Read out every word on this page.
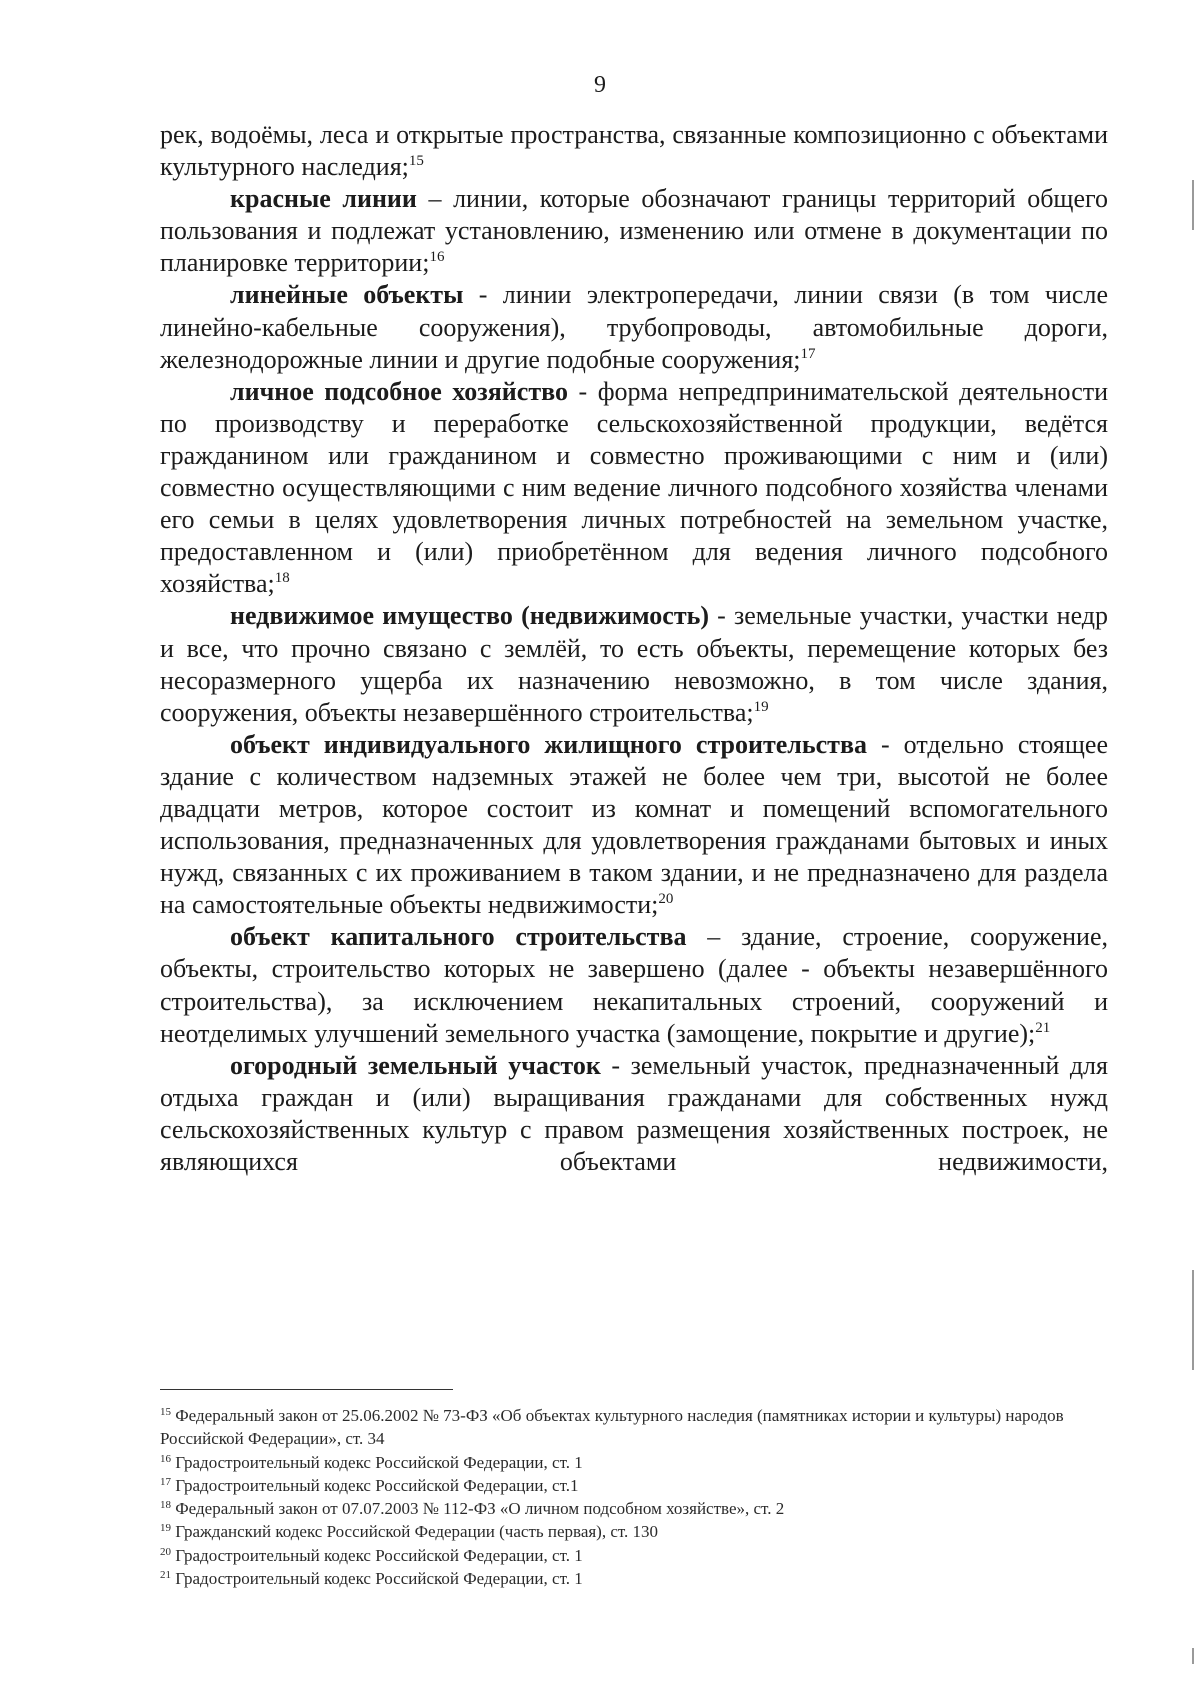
9

рек, водоёмы, леса и открытые пространства, связанные композиционно с объектами культурного наследия;$^{15}$

красные линии – линии, которые обозначают границы территорий общего пользования и подлежат установлению, изменению или отмене в документации по планировке территории;$^{16}$

линейные объекты - линии электропередачи, линии связи (в том числе линейно-кабельные сооружения), трубопроводы, автомобильные дороги, железнодорожные линии и другие подобные сооружения;$^{17}$

личное подсобное хозяйство - форма непредпринимательской деятельности по производству и переработке сельскохозяйственной продукции, ведётся гражданином или гражданином и совместно проживающими с ним и (или) совместно осуществляющими с ним ведение личного подсобного хозяйства членами его семьи в целях удовлетворения личных потребностей на земельном участке, предоставленном и (или) приобретённом для ведения личного подсобного хозяйства;$^{18}$

недвижимое имущество (недвижимость) - земельные участки, участки недр и все, что прочно связано с землёй, то есть объекты, перемещение которых без несоразмерного ущерба их назначению невозможно, в том числе здания, сооружения, объекты незавершённого строительства;$^{19}$

объект индивидуального жилищного строительства - отдельно стоящее здание с количеством надземных этажей не более чем три, высотой не более двадцати метров, которое состоит из комнат и помещений вспомогательного использования, предназначенных для удовлетворения гражданами бытовых и иных нужд, связанных с их проживанием в таком здании, и не предназначено для раздела на самостоятельные объекты недвижимости;$^{20}$

объект капитального строительства – здание, строение, сооружение, объекты, строительство которых не завершено (далее - объекты незавершённого строительства), за исключением некапитальных строений, сооружений и неотделимых улучшений земельного участка (замощение, покрытие и другие);$^{21}$

огородный земельный участок - земельный участок, предназначенный для отдыха граждан и (или) выращивания гражданами для собственных нужд сельскохозяйственных культур с правом размещения хозяйственных построек, не являющихся объектами недвижимости,

$^{15}$ Федеральный закон от 25.06.2002 № 73-ФЗ «Об объектах культурного наследия (памятниках истории и культуры) народов Российской Федерации», ст. 34

$^{16}$ Градостроительный кодекс Российской Федерации, ст. 1

$^{17}$ Градостроительный кодекс Российской Федерации, ст.1

$^{18}$ Федеральный закон от 07.07.2003 № 112-ФЗ «О личном подсобном хозяйстве», ст. 2

$^{19}$ Гражданский кодекс Российской Федерации (часть первая), ст. 130

$^{20}$ Градостроительный кодекс Российской Федерации, ст. 1

$^{21}$ Градостроительный кодекс Российской Федерации, ст. 1
